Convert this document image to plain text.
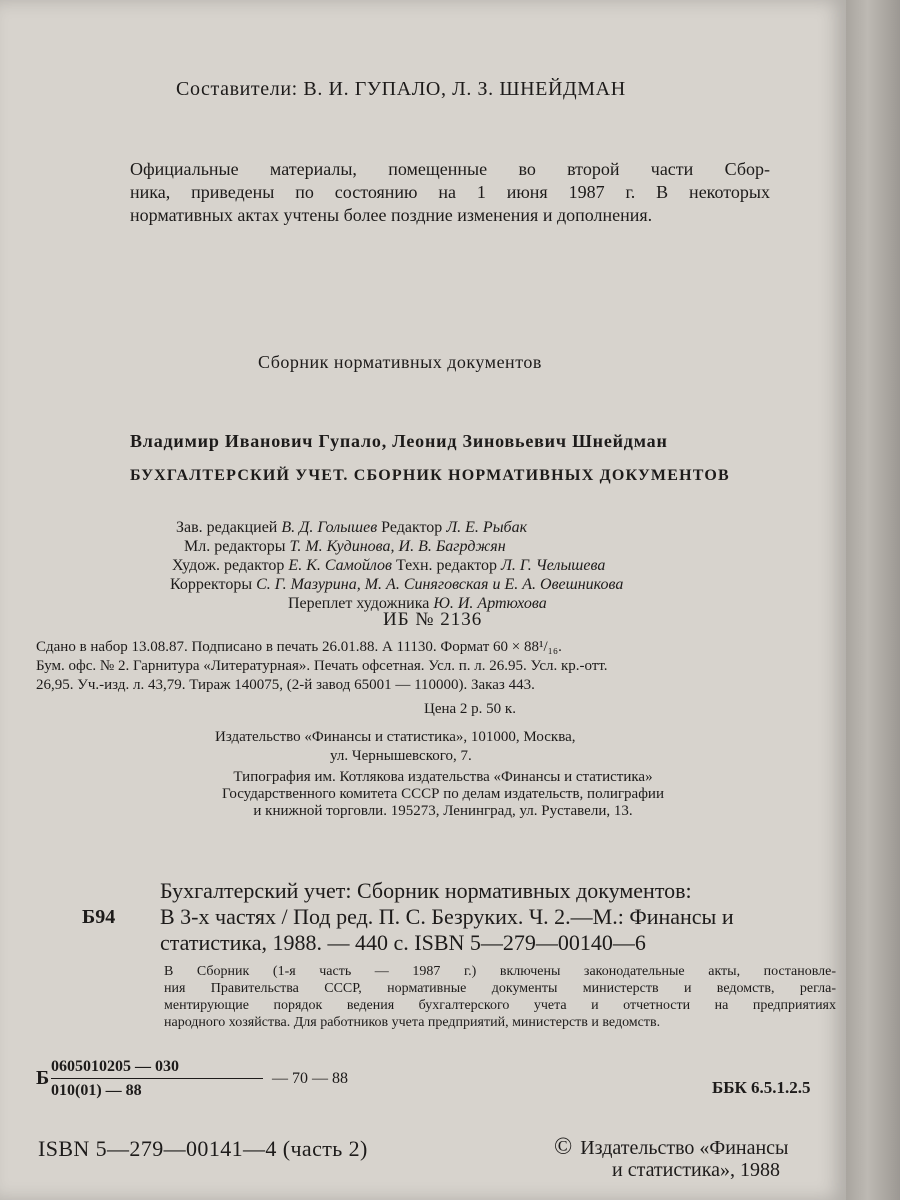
Составители: В. И. ГУПАЛО, Л. З. ШНЕЙДМАН
Официальные материалы, помещенные во второй части Сбор-
ника, приведены по состоянию на 1 июня 1987 г. В некоторых
нормативных актах учтены более поздние изменения и дополнения.
Сборник нормативных документов
Владимир Иванович Гупало, Леонид Зиновьевич Шнейдман
БУХГАЛТЕРСКИЙ УЧЕТ. СБОРНИК НОРМАТИВНЫХ ДОКУМЕНТОВ
Зав. редакцией В. Д. Голышев Редактор Л. Е. Рыбак
Мл. редакторы Т. М. Кудинова, И. В. Багрджян
Худож. редактор Е. К. Самойлов Техн. редактор Л. Г. Челышева
Корректоры С. Г. Мазурина, М. А. Синяговская и Е. А. Овешникова
Переплет художника Ю. И. Артюхова
ИБ № 2136
Сдано в набор 13.08.87. Подписано в печать 26.01.88. А 11130. Формат 60 × 88¹/₁₆.
Бум. офс. № 2. Гарнитура «Литературная». Печать офсетная. Усл. п. л. 26.95. Усл. кр.-отт.
26,95. Уч.-изд. л. 43,79. Тираж 140075, (2-й завод 65001 — 110000). Заказ 443.
Цена 2 р. 50 к.
Издательство «Финансы и статистика», 101000, Москва,
ул. Чернышевского, 7.
Типография им. Котлякова издательства «Финансы и статистика»
Государственного комитета СССР по делам издательств, полиграфии
и книжной торговли. 195273, Ленинград, ул. Руставели, 13.
Бухгалтерский учет: Сборник нормативных документов:
В 3-х частях / Под ред. П. С. Безруких. Ч. 2.—М.: Финансы и
статистика, 1988. — 440 с. ISBN 5—279—00140—6
Б94
В Сборник (1-я часть — 1987 г.) включены законодательные акты, постановле-
ния Правительства СССР, нормативные документы министерств и ведомств, регла-
ментирующие порядок ведения бухгалтерского учета и отчетности на предприятиях
народного хозяйства. Для работников учета предприятий, министерств и ведомств.
Б
0605010205 — 030
010(01) — 88
— 70 — 88	ББК 6.5.1.2.5
ISBN 5—279—00141—4 (часть 2)	© Издательство «Финансы
и статистика», 1988
